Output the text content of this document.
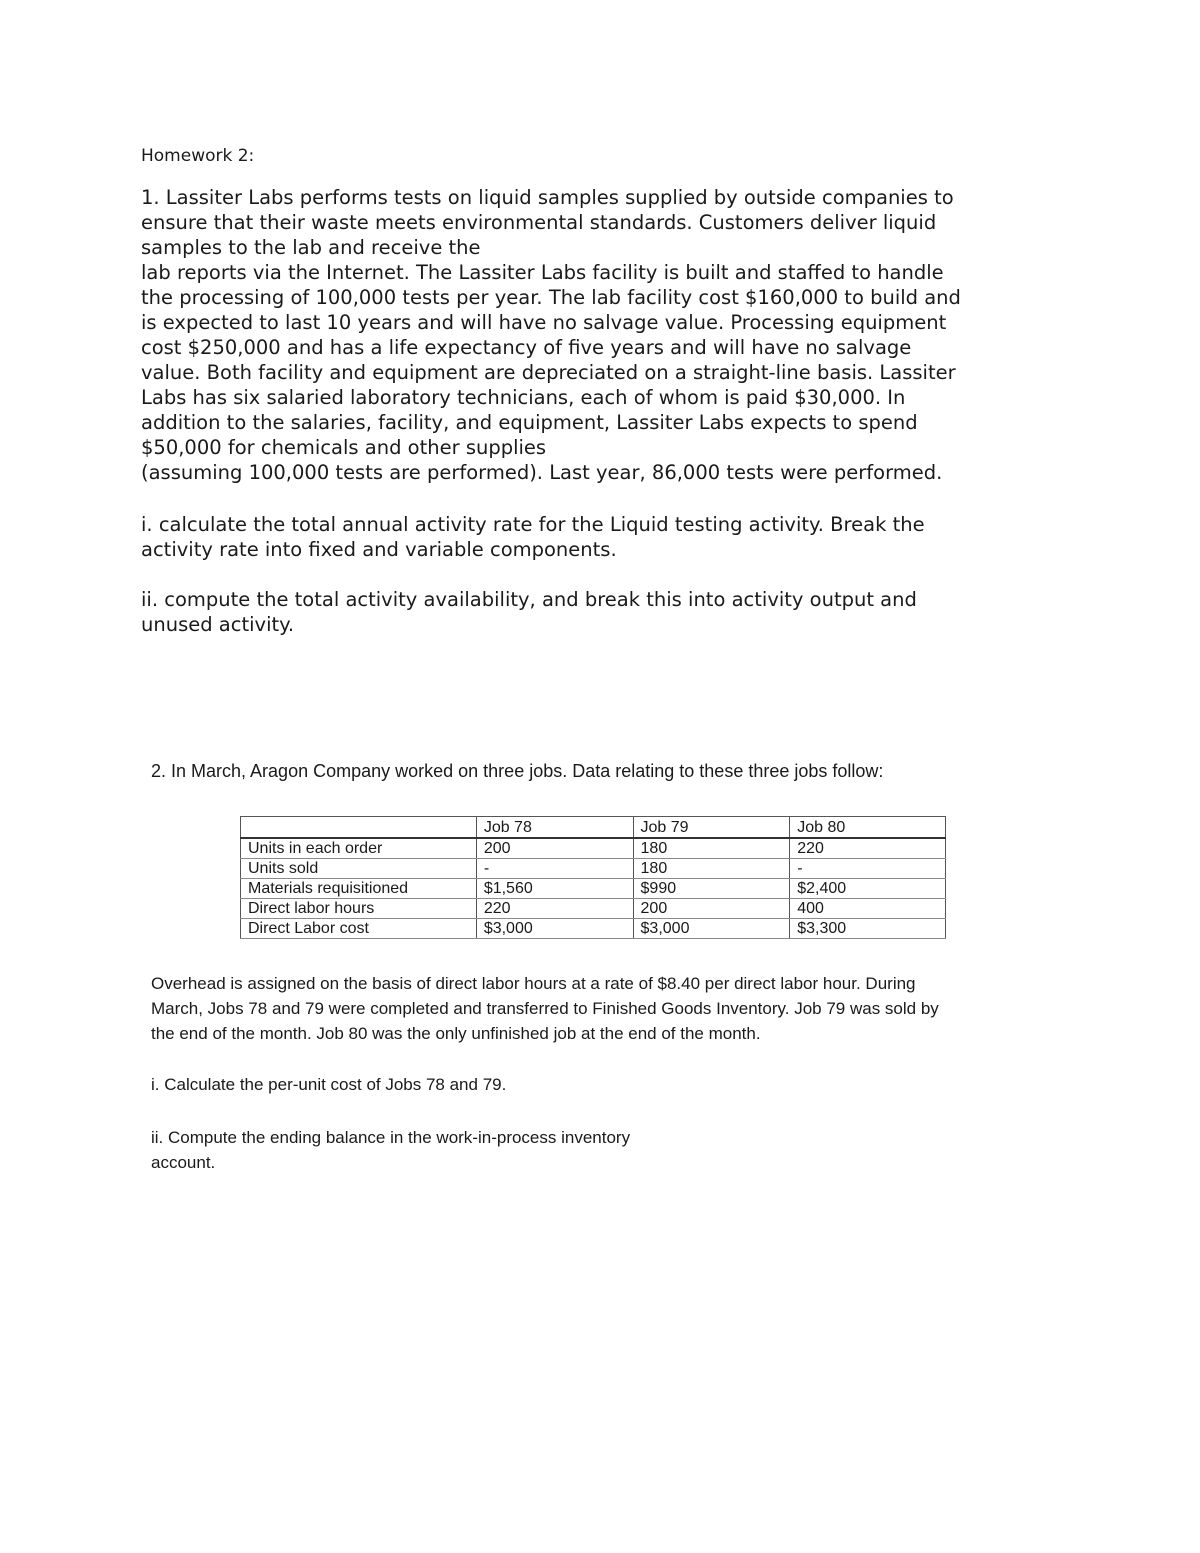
Homework 2:

1. Lassiter Labs performs tests on liquid samples supplied by outside companies to

ensure that their waste meets environmental standards. Customers deliver liquid

samples to the lab and receive the

lab reports via the Internet. The Lassiter Labs facility is built and staffed to handle

the processing of 100,000 tests per year. The lab facility cost $160,000 to build and

is expected to last 10 years and will have no salvage value. Processing equipment

cost $250,000 and has a life expectancy of five years and will have no salvage

value. Both facility and equipment are depreciated on a straight-line basis. Lassiter

Labs has six salaried laboratory technicians, each of whom is paid $30,000. In

addition to the salaries, facility, and equipment, Lassiter Labs expects to spend

$50,000 for chemicals and other supplies

(assuming 100,000 tests are performed). Last year, 86,000 tests were performed.

i. calculate the total annual activity rate for the Liquid testing activity. Break the

activity rate into fixed and variable components.

ii. compute the total activity availability, and break this into activity output and

unused activity.

2. In March, Aragon Company worked on three jobs. Data relating to these three jobs follow:

	Job 78	Job 79	Job 80
Units in each order	200	180	220
Units sold	-	180	-
Materials requisitioned	$1,560	$990	$2,400
Direct labor hours	220	200	400
Direct Labor cost	$3,000	$3,000	$3,300

Overhead is assigned on the basis of direct labor hours at a rate of $8.40 per direct labor hour. During

March, Jobs 78 and 79 were completed and transferred to Finished Goods Inventory. Job 79 was sold by

the end of the month. Job 80 was the only unfinished job at the end of the month.

i. Calculate the per-unit cost of Jobs 78 and 79.

ii. Compute the ending balance in the work-in-process inventory

account.
